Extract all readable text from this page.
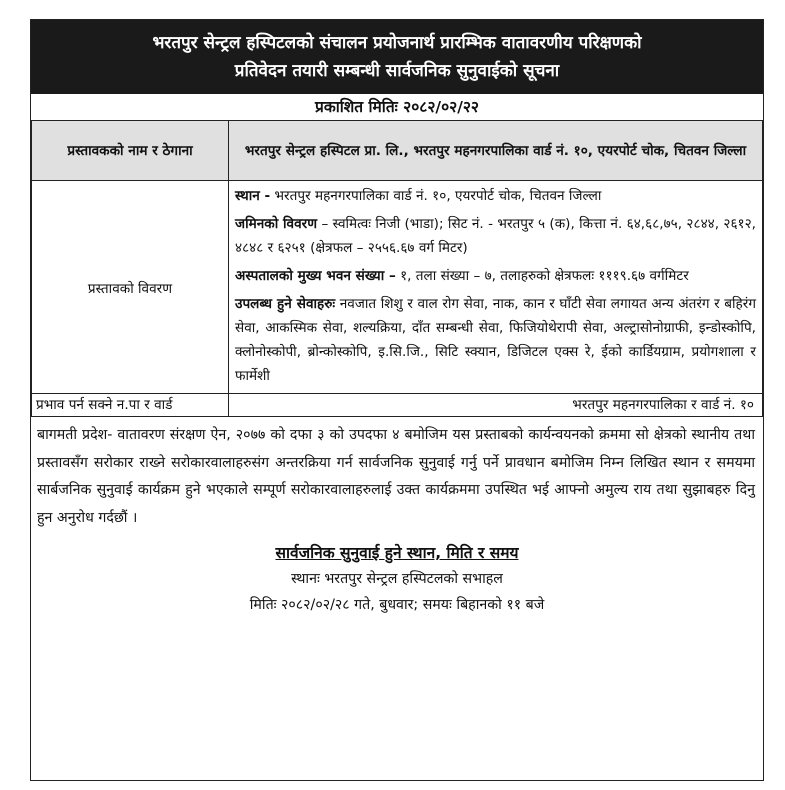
भरतपुर सेन्ट्रल हस्पिटलको संचालन प्रयोजनार्थ प्रारम्भिक वातावरणीय परिक्षणको
प्रतिवेदन तयारी सम्बन्धी सार्वजनिक सुनुवाईको सूचना
प्रकाशित मितिः २०८२/०२/२२
प्रस्तावकको नाम र ठेगाना	भरतपुर सेन्ट्रल हस्पिटल प्रा. लि., भरतपुर महनगरपालिका वार्ड नं. १०, एयरपोर्ट चोक, चितवन जिल्ला
प्रस्तावको विवरण	स्थान - भरतपुर महनगरपालिका वार्ड नं. १०, एयरपोर्ट चोक, चितवन जिल्ला

जमिनको विवरण – स्वमित्वः निजी (भाडा); सिट नं. - भरतपुर ५ (क), कित्ता नं. ६४,६८,७५, २८४४, २६१२, ४८४८ र ६२५१ (क्षेत्रफल – २५५६.६७ वर्ग मिटर)

अस्पतालको मुख्य भवन संख्या – १, तला संख्या – ७, तलाहरुको क्षेत्रफलः १११९.६७ वर्गमिटर

उपलब्ध हुने सेवाहरुः नवजात शिशु र वाल रोग सेवा, नाक, कान र घाँटी सेवा लगायत अन्य अंतरंग र बहिरंग सेवा, आकस्मिक सेवा, शल्यक्रिया, दाँत सम्बन्धी सेवा, फिजियोथेरापी सेवा, अल्ट्रासोनोग्राफी, इन्डोस्कोपि, क्लोनोस्कोपी, ब्रोन्कोस्कोपि, इ.सि.जि., सिटि स्क्यान, डिजिटल एक्स रे, ईको कार्डियग्राम, प्रयोगशाला र फार्मेशी

प्रभाव पर्न सक्ने न.पा र वार्ड	भरतपुर महनगरपालिका र वार्ड नं. १०
बागमती प्रदेश- वातावरण संरक्षण ऐन, २०७७ को दफा ३ को उपदफा ४ बमोजिम यस प्रस्ताबको कार्यन्वयनको क्रममा सो क्षेत्रको स्थानीय तथा प्रस्तावसँग सरोकार राख्ने सरोकारवालाहरुसंग अन्तरक्रिया गर्न सार्वजनिक सुनुवाई गर्नु पर्ने प्रावधान बमोजिम निम्न लिखित स्थान र समयमा सार्बजनिक सुनुवाई कार्यक्रम हुने भएकाले सम्पूर्ण सरोकारवालाहरुलाई उक्त कार्यक्रममा उपस्थित भई आफ्नो अमुल्य राय तथा सुझाबहरु दिनु हुन अनुरोध गर्दछौं ।
सार्वजनिक सुनुवाई हुने स्थान, मिति र समय
स्थानः भरतपुर सेन्ट्रल हस्पिटलको सभाहल
मितिः २०८२/०२/२८ गते, बुधवार; समयः बिहानको ११ बजे
